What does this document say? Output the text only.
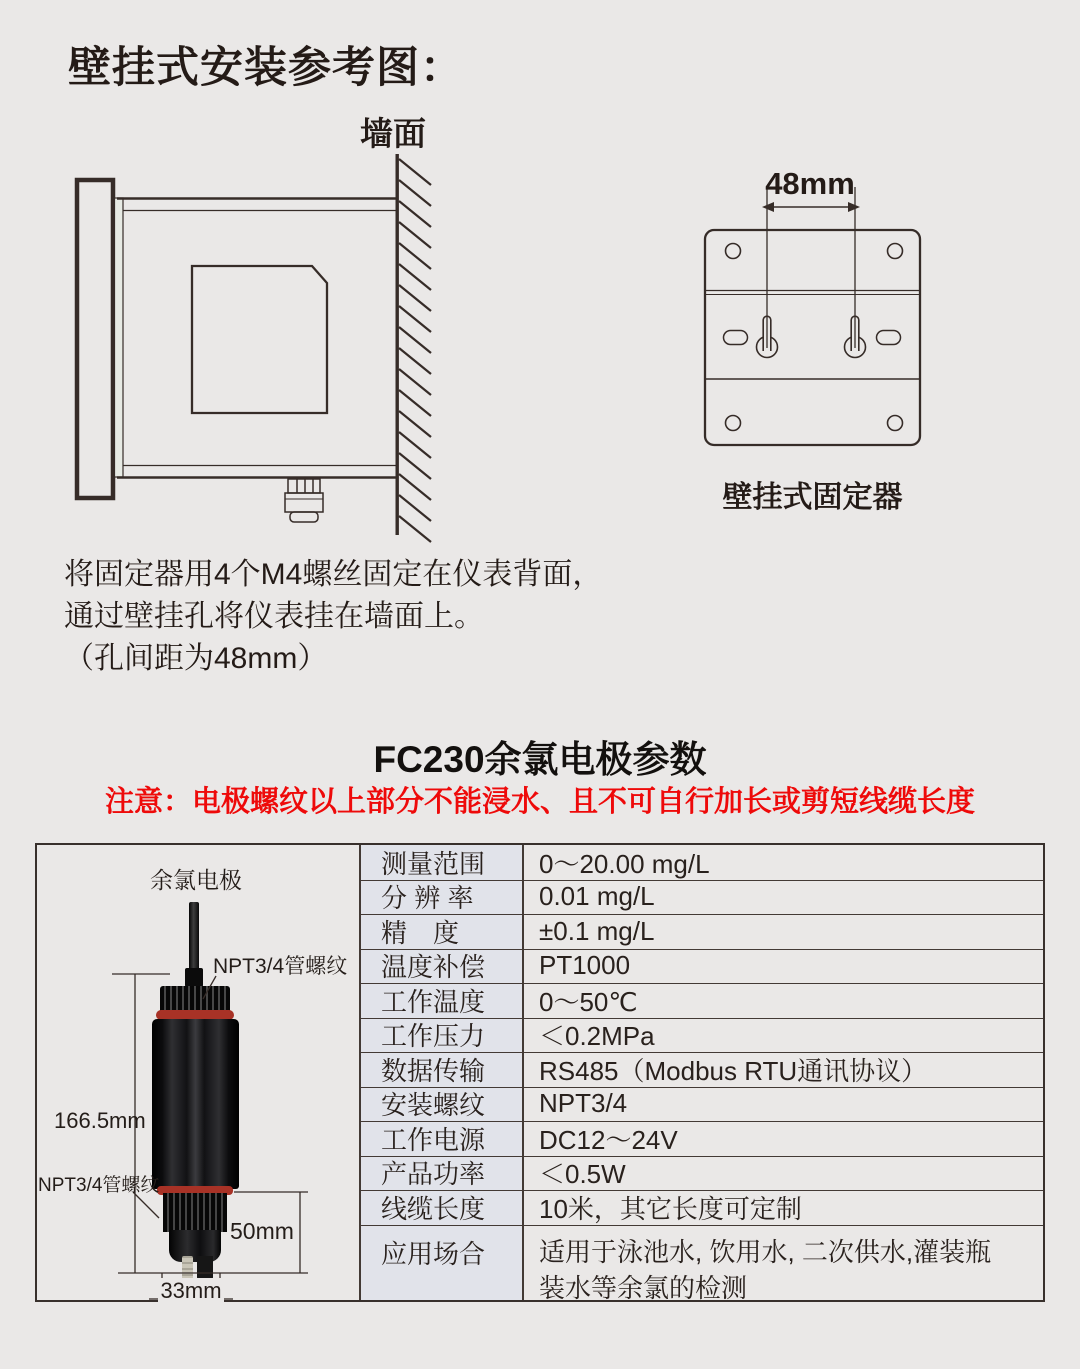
壁挂式安装参考图：
墙面
48mm
壁挂式固定器
将固定器用4个M4螺丝固定在仪表背面，
通过壁挂孔将仪表挂在墙面上。
（孔间距为48mm）
FC230余氯电极参数
注意：电极螺纹以上部分不能浸水、且不可自行加长或剪短线缆长度
余氯电极
NPT3/4管螺纹
NPT3/4管螺纹
166.5mm
50mm
33mm
测量范围	0～20.00 mg/L
分 辨 率	0.01 mg/L
精　度	±0.1 mg/L
温度补偿	PT1000
工作温度	0～50℃
工作压力	＜0.2MPa
数据传输	RS485（Modbus RTU通讯协议）
安装螺纹	NPT3/4
工作电源	DC12～24V
产品功率	＜0.5W
线缆长度	10米，其它长度可定制
应用场合	适用于泳池水, 饮用水, 二次供水,灌装瓶装水等余氯的检测
